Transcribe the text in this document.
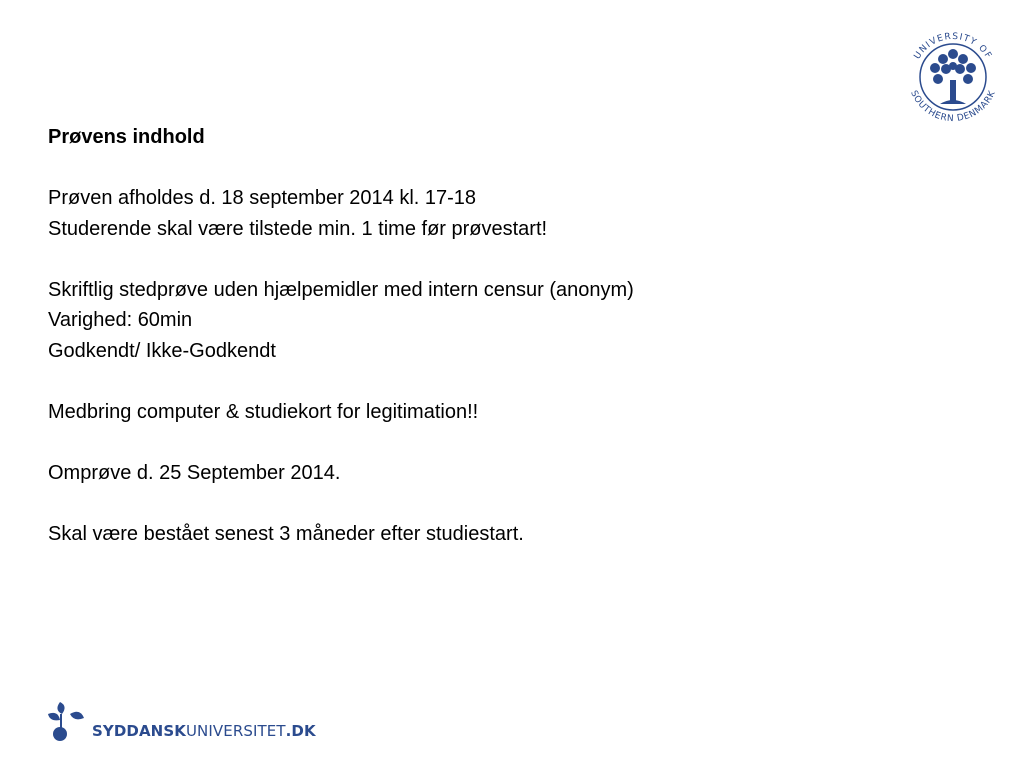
UNIVERSITY OF
SOUTHERN DENMARK
Prøvens indhold
Prøven afholdes d. 18 september 2014 kl. 17-18
Studerende skal være tilstede min. 1 time før prøvestart!
Skriftlig stedprøve uden hjælpemidler med intern censur (anonym)
Varighed: 60min
Godkendt/ Ikke-Godkendt
Medbring computer & studiekort for legitimation!!
Omprøve d. 25 September 2014.
Skal være bestået senest 3 måneder efter studiestart.
SYDDANSKUNIVERSITET.DK
